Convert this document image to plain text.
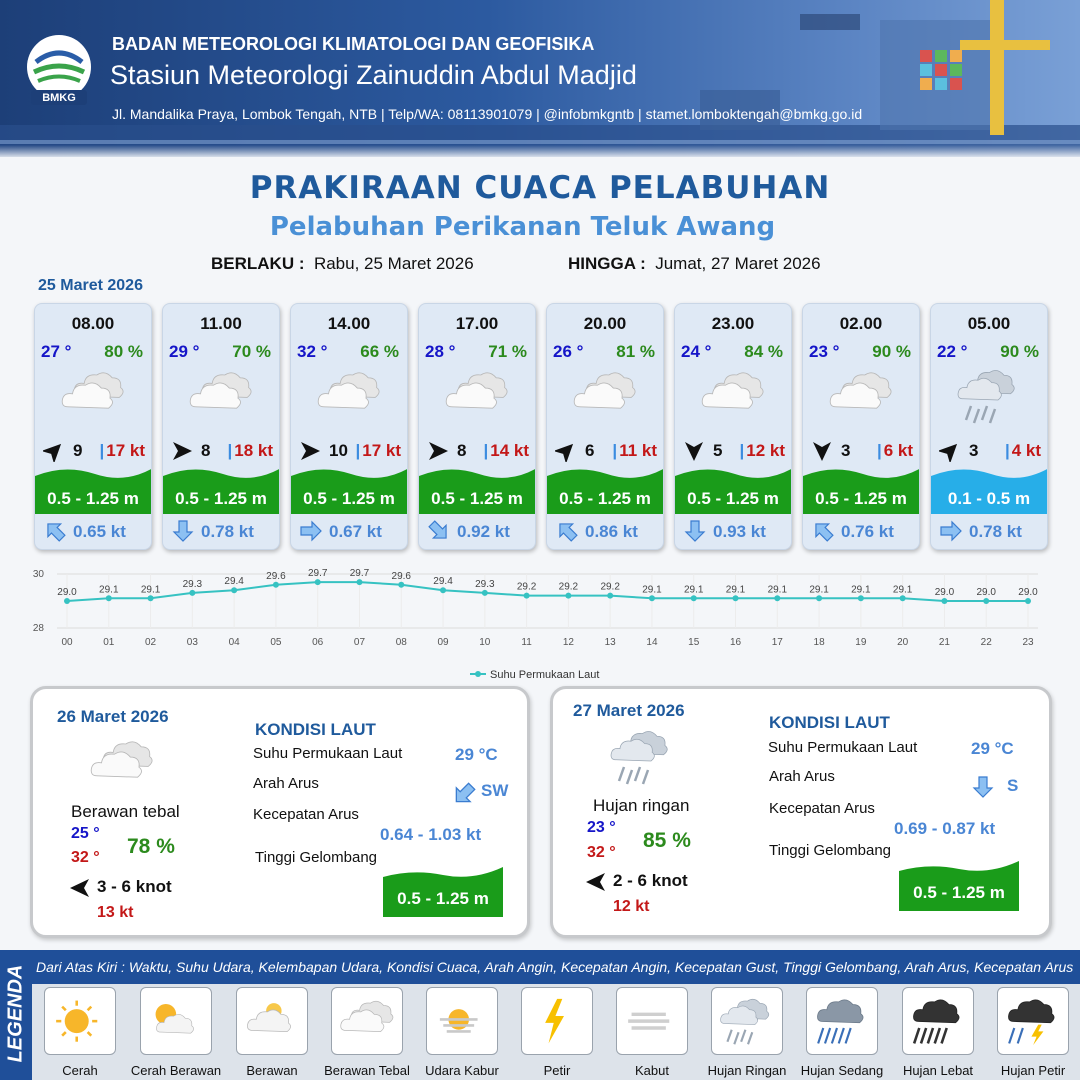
BMKG
BADAN METEOROLOGI KLIMATOLOGI DAN GEOFISIKA
Stasiun Meteorologi Zainuddin Abdul Madjid
Jl. Mandalika Praya, Lombok Tengah, NTB | Telp/WA: 08113901079 | @infobmkgntb | stamet.lomboktengah@bmkg.go.id
PRAKIRAAN CUACA PELABUHAN
Pelabuhan Perikanan Teluk Awang
BERLAKU : Rabu, 25 Maret 2026	HINGGA : Jumat, 27 Maret 2026
25 Maret 2026
08.00
27 ° 80 %
9 | 17 kt
0.5 - 1.25 m
0.65 kt
11.00
29 ° 70 %
8 | 18 kt
0.5 - 1.25 m
0.78 kt
14.00
32 ° 66 %
10 | 17 kt
0.5 - 1.25 m
0.67 kt
17.00
28 ° 71 %
8 | 14 kt
0.5 - 1.25 m
0.92 kt
20.00
26 ° 81 %
6 | 11 kt
0.5 - 1.25 m
0.86 kt
23.00
24 ° 84 %
5 | 12 kt
0.5 - 1.25 m
0.93 kt
02.00
23 ° 90 %
3 | 6 kt
0.5 - 1.25 m
0.76 kt
05.00
22 ° 90 %
3 | 4 kt
0.1 - 0.5 m
0.78 kt
28
30
00	01	02	03	04	05	06	07	08	09	10	11	12	13	14	15	16	17	18	19	20	21	22	23
29.0 29.1 29.1 29.3 29.4 29.6 29.7 29.7 29.6 29.4 29.3 29.2 29.2 29.2 29.1 29.1 29.1 29.1 29.1 29.1 29.1 29.0 29.0 29.0
Suhu Permukaan Laut
26 Maret 2026
Berawan tebal
25 °
32 ° 78 %
3 - 6 knot
13 kt
KONDISI LAUT
Suhu Permukaan Laut	29 °C
Arah Arus	SW
Kecepatan Arus
0.64 - 1.03 kt
Tinggi Gelombang
0.5 - 1.25 m
27 Maret 2026
Hujan ringan
23 °
32 °
85 %
2 - 6 knot
12 kt
KONDISI LAUT
Suhu Permukaan Laut	29 °C
Arah Arus	S
Kecepatan Arus
0.69 - 0.87 kt
Tinggi Gelombang
0.5 - 1.25 m
LEGENDA Dari Atas Kiri : Waktu, Suhu Udara, Kelembapan Udara, Kondisi Cuaca, Arah Angin, Kecepatan Angin, Kecepatan Gust, Tinggi Gelombang, Arah Arus, Kecepatan Arus
Cerah	Cerah Berawan	Berawan	Berawan Tebal	Udara Kabur	Petir	Kabut	Hujan Ringan	Hujan Sedang	Hujan Lebat	Hujan Petir
